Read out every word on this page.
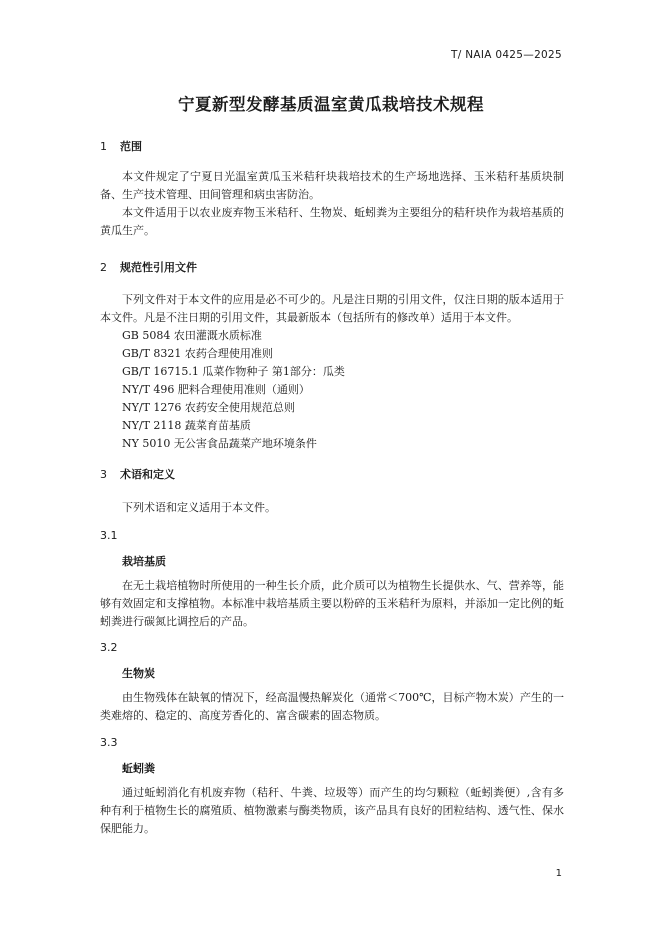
T/ NAIA 0425—2025
宁夏新型发酵基质温室黄瓜栽培技术规程
1 范围

本文件规定了宁夏日光温室黄瓜玉米秸秆块栽培技术的生产场地选择、玉米秸秆基质块制备、生产技术管理、田间管理和病虫害防治。

本文件适用于以农业废弃物玉米秸秆、生物炭、蚯蚓粪为主要组分的秸秆块作为栽培基质的黄瓜生产。

2 规范性引用文件

下列文件对于本文件的应用是必不可少的。凡是注日期的引用文件，仅注日期的版本适用于本文件。凡是不注日期的引用文件，其最新版本（包括所有的修改单）适用于本文件。

GB 5084 农田灌溉水质标准
GB/T 8321 农药合理使用准则
GB/T 16715.1 瓜菜作物种子 第1部分：瓜类
NY/T 496 肥料合理使用准则（通则）
NY/T 1276 农药安全使用规范总则
NY/T 2118 蔬菜育苗基质
NY 5010 无公害食品蔬菜产地环境条件
3 术语和定义

下列术语和定义适用于本文件。

3.1
栽培基质

在无土栽培植物时所使用的一种生长介质，此介质可以为植物生长提供水、气、营养等，能够有效固定和支撑植物。本标准中栽培基质主要以粉碎的玉米秸秆为原料，并添加一定比例的蚯蚓粪进行碳氮比调控后的产品。

3.2
生物炭

由生物残体在缺氧的情况下，经高温慢热解炭化（通常＜700℃，目标产物木炭）产生的一类难熔的、稳定的、高度芳香化的、富含碳素的固态物质。

3.3
蚯蚓粪

通过蚯蚓消化有机废弃物（秸秆、牛粪、垃圾等）而产生的均匀颗粒（蚯蚓粪便）,含有多种有利于植物生长的腐殖质、植物激素与酶类物质，该产品具有良好的团粒结构、透气性、保水保肥能力。

1
